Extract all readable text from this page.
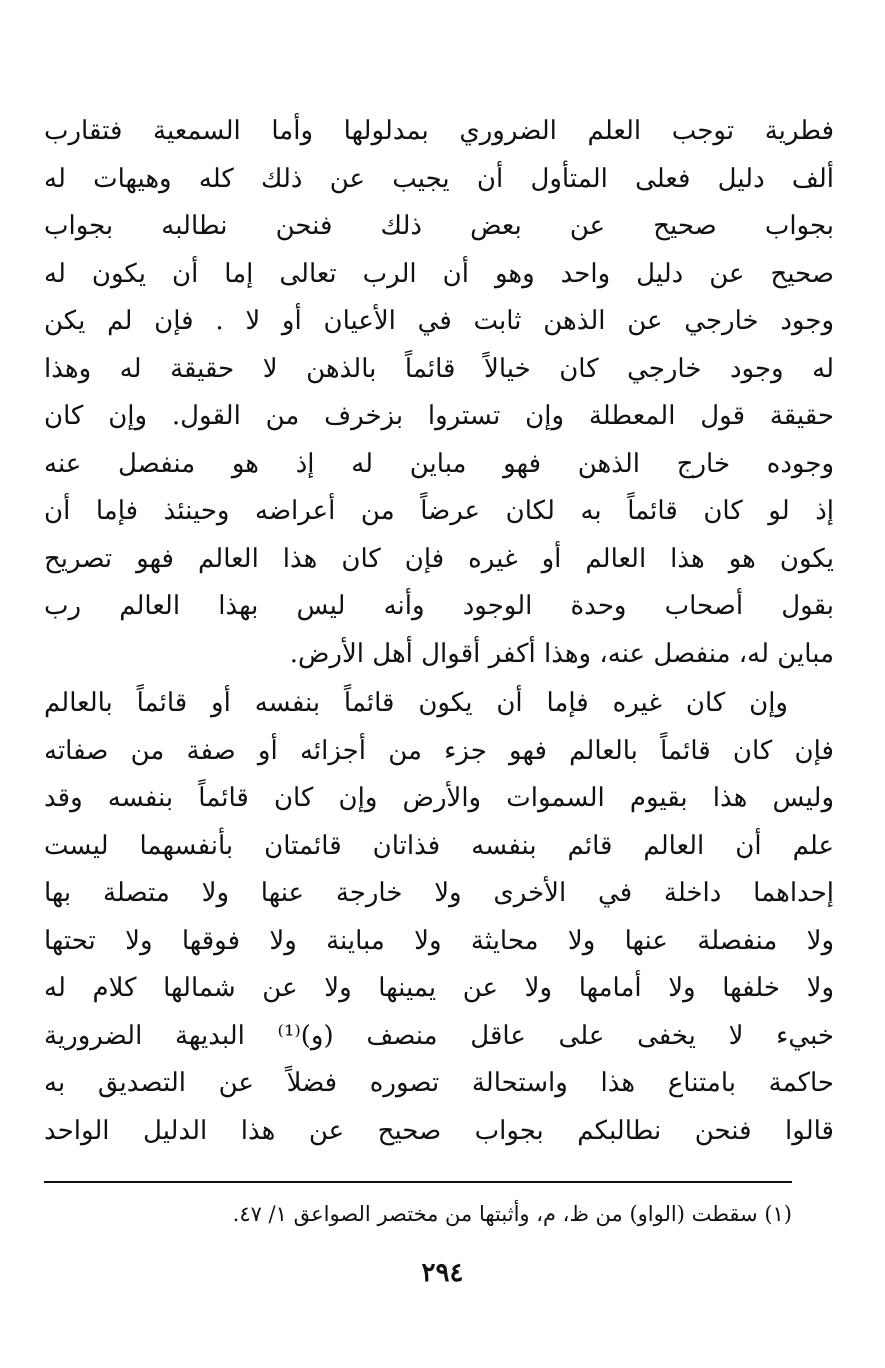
فطرية توجب العلم الضروري بمدلولها وأما السمعية فتقارب
ألف دليل فعلى المتأول أن يجيب عن ذلك كله وهيهات له
بجواب صحيح عن بعض ذلك فنحن نطالبه بجواب
صحيح عن دليل واحد وهو أن الرب تعالى إما أن يكون له
وجود خارجي عن الذهن ثابت في الأعيان أو لا . فإن لم يكن
له وجود خارجي كان خيالاً قائماً بالذهن لا حقيقة له وهذا
حقيقة قول المعطلة وإن تستروا بزخرف من القول. وإن كان
وجوده خارج الذهن فهو مباين له إذ هو منفصل عنه
إذ لو كان قائماً به لكان عرضاً من أعراضه وحينئذ فإما أن
يكون هو هذا العالم أو غيره فإن كان هذا العالم فهو تصريح
بقول أصحاب وحدة الوجود وأنه ليس بهذا العالم رب
مباين له، منفصل عنه، وهذا أكفر أقوال أهل الأرض.
وإن كان غيره فإما أن يكون قائماً بنفسه أو قائماً بالعالم
فإن كان قائماً بالعالم فهو جزء من أجزائه أو صفة من صفاته
وليس هذا بقيوم السموات والأرض وإن كان قائماً بنفسه وقد
علم أن العالم قائم بنفسه فذاتان قائمتان بأنفسهما ليست
إحداهما داخلة في الأخرى ولا خارجة عنها ولا متصلة بها
ولا منفصلة عنها ولا محايثة ولا مباينة ولا فوقها ولا تحتها
ولا خلفها ولا أمامها ولا عن يمينها ولا عن شمالها كلام له
خبيء لا يخفى على عاقل منصف (و)⁽¹⁾ البديهة الضرورية
حاكمة بامتناع هذا واستحالة تصوره فضلاً عن التصديق به
قالوا فنحن نطالبكم بجواب صحيح عن هذا الدليل الواحد
(١) سقطت (الواو) من ظ، م، وأثبتها من مختصر الصواعق ١/ ٤٧.
٢٩٤
